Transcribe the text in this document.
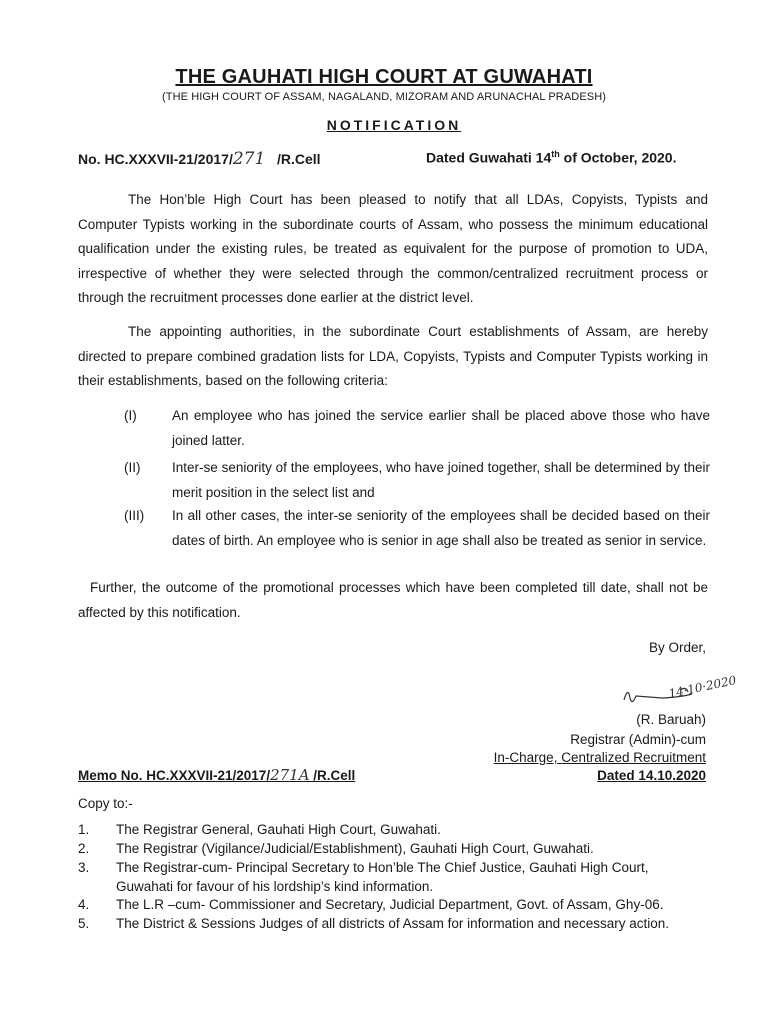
THE GAUHATI HIGH COURT AT GUWAHATI
(THE HIGH COURT OF ASSAM, NAGALAND, MIZORAM AND ARUNACHAL PRADESH)
NOTIFICATION
No. HC.XXXVII-21/2017/271 /R.Cell	Dated Guwahati 14th of October, 2020.

The Hon’ble High Court has been pleased to notify that all LDAs, Copyists, Typists and Computer Typists working in the subordinate courts of Assam, who possess the minimum educational qualification under the existing rules, be treated as equivalent for the purpose of promotion to UDA, irrespective of whether they were selected through the common/centralized recruitment process or through the recruitment processes done earlier at the district level.

The appointing authorities, in the subordinate Court establishments of Assam, are hereby directed to prepare combined gradation lists for LDA, Copyists, Typists and Computer Typists working in their establishments, based on the following criteria:

(I)	An employee who has joined the service earlier shall be placed above those who have joined latter.
(II) Inter-se seniority of the employees, who have joined together, shall be determined by their merit position in the select list and
(III) In all other cases, the inter-se seniority of the employees shall be decided based on their dates of birth. An employee who is senior in age shall also be treated as senior in service.
Further, the outcome of the promotional processes which have been completed till date, shall not be affected by this notification.
By Order,
14·10·2020
(R. Baruah)
Registrar (Admin)-cum
In-Charge, Centralized Recruitment
Dated 14.10.2020
Memo No. HC.XXXVII-21/2017/271A /R.Cell
Copy to:-
1. The Registrar General, Gauhati High Court, Guwahati.
2. The Registrar (Vigilance/Judicial/Establishment), Gauhati High Court, Guwahati.
3. The Registrar-cum- Principal Secretary to Hon’ble The Chief Justice, Gauhati High Court, Guwahati for favour of his lordship’s kind information.
4. The L.R –cum- Commissioner and Secretary, Judicial Department, Govt. of Assam, Ghy-06.
5. The District & Sessions Judges of all districts of Assam for information and necessary action.
